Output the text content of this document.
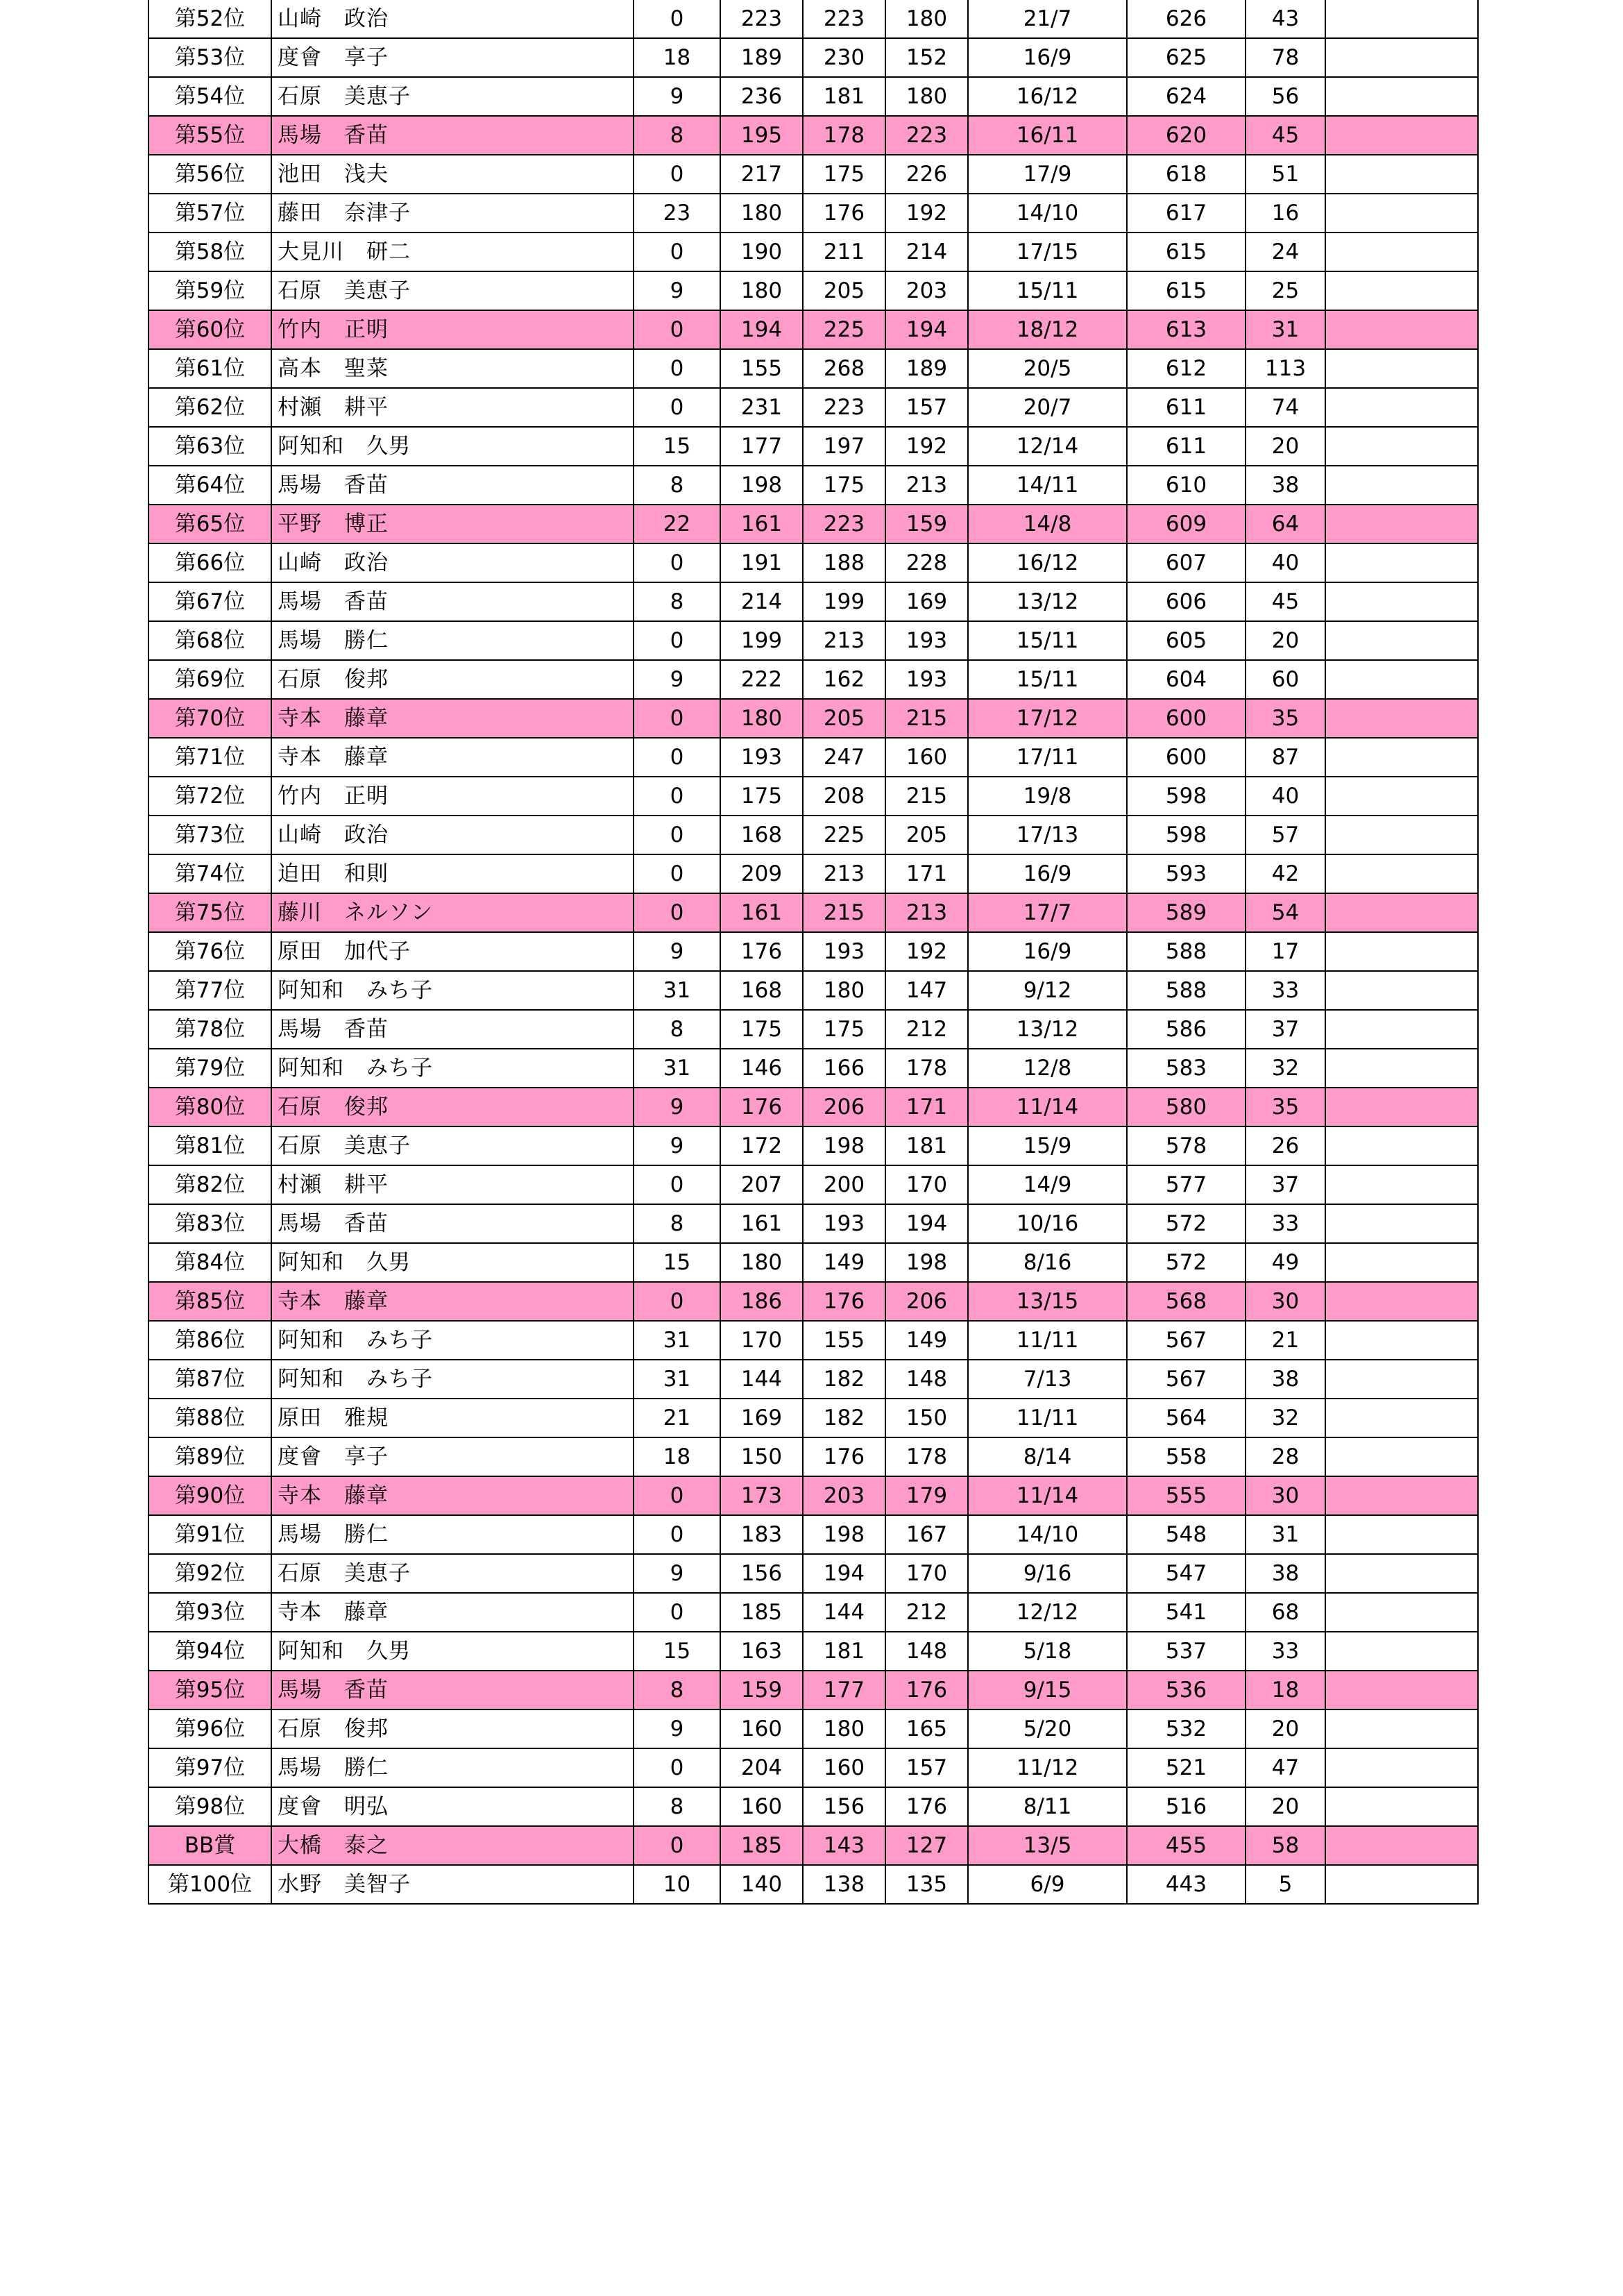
第52位	山崎　政治	0	223	223	180	21/7	626	43	
第53位	度會　享子	18	189	230	152	16/9	625	78	
第54位	石原　美恵子	9	236	181	180	16/12	624	56	
第55位	馬場　香苗	8	195	178	223	16/11	620	45	
第56位	池田　浅夫	0	217	175	226	17/9	618	51	
第57位	藤田　奈津子	23	180	176	192	14/10	617	16	
第58位	大見川　研二	0	190	211	214	17/15	615	24	
第59位	石原　美恵子	9	180	205	203	15/11	615	25	
第60位	竹内　正明	0	194	225	194	18/12	613	31	
第61位	高本　聖菜	0	155	268	189	20/5	612	113	
第62位	村瀬　耕平	0	231	223	157	20/7	611	74	
第63位	阿知和　久男	15	177	197	192	12/14	611	20	
第64位	馬場　香苗	8	198	175	213	14/11	610	38	
第65位	平野　博正	22	161	223	159	14/8	609	64	
第66位	山崎　政治	0	191	188	228	16/12	607	40	
第67位	馬場　香苗	8	214	199	169	13/12	606	45	
第68位	馬場　勝仁	0	199	213	193	15/11	605	20	
第69位	石原　俊邦	9	222	162	193	15/11	604	60	
第70位	寺本　藤章	0	180	205	215	17/12	600	35	
第71位	寺本　藤章	0	193	247	160	17/11	600	87	
第72位	竹内　正明	0	175	208	215	19/8	598	40	
第73位	山崎　政治	0	168	225	205	17/13	598	57	
第74位	迫田　和則	0	209	213	171	16/9	593	42	
第75位	藤川　ネルソン	0	161	215	213	17/7	589	54	
第76位	原田　加代子	9	176	193	192	16/9	588	17	
第77位	阿知和　みち子	31	168	180	147	9/12	588	33	
第78位	馬場　香苗	8	175	175	212	13/12	586	37	
第79位	阿知和　みち子	31	146	166	178	12/8	583	32	
第80位	石原　俊邦	9	176	206	171	11/14	580	35	
第81位	石原　美恵子	9	172	198	181	15/9	578	26	
第82位	村瀬　耕平	0	207	200	170	14/9	577	37	
第83位	馬場　香苗	8	161	193	194	10/16	572	33	
第84位	阿知和　久男	15	180	149	198	8/16	572	49	
第85位	寺本　藤章	0	186	176	206	13/15	568	30	
第86位	阿知和　みち子	31	170	155	149	11/11	567	21	
第87位	阿知和　みち子	31	144	182	148	7/13	567	38	
第88位	原田　雅規	21	169	182	150	11/11	564	32	
第89位	度會　享子	18	150	176	178	8/14	558	28	
第90位	寺本　藤章	0	173	203	179	11/14	555	30	
第91位	馬場　勝仁	0	183	198	167	14/10	548	31	
第92位	石原　美恵子	9	156	194	170	9/16	547	38	
第93位	寺本　藤章	0	185	144	212	12/12	541	68	
第94位	阿知和　久男	15	163	181	148	5/18	537	33	
第95位	馬場　香苗	8	159	177	176	9/15	536	18	
第96位	石原　俊邦	9	160	180	165	5/20	532	20	
第97位	馬場　勝仁	0	204	160	157	11/12	521	47	
第98位	度會　明弘	8	160	156	176	8/11	516	20	
BB賞	大橋　泰之	0	185	143	127	13/5	455	58	
第100位	水野　美智子	10	140	138	135	6/9	443	5	
